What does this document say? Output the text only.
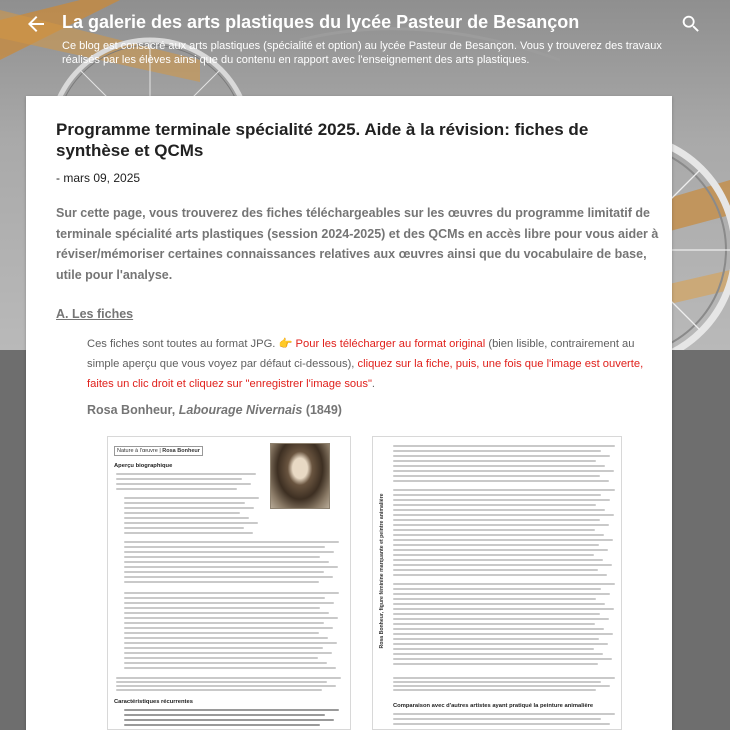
La galerie des arts plastiques du lycée Pasteur de Besançon
Ce blog est consacré aux arts plastiques (spécialité et option) au lycée Pasteur de Besançon. Vous y trouverez des travaux réalisés par les élèves ainsi que du contenu en rapport avec l'enseignement des arts plastiques.
Programme terminale spécialité 2025. Aide à la révision: fiches de synthèse et QCMs
- mars 09, 2025

Sur cette page, vous trouverez des fiches téléchargeables sur les œuvres du programme limitatif de terminale spécialité arts plastiques (session 2024-2025) et des QCMs en accès libre pour vous aider à réviser/mémoriser certaines connaissances relatives aux œuvres ainsi que du vocabulaire de base, utile pour l'analyse.

A. Les fiches

Ces fiches sont toutes au format JPG. 👉 Pour les télécharger au format original (bien lisible, contrairement au simple aperçu que vous voyez par défaut ci-dessous), cliquez sur la fiche, puis, une fois que l'image est ouverte, faites un clic droit et cliquez sur "enregistrer l'image sous".

Rosa Bonheur, Labourage Nivernais (1849)
Nature à l'œuvre | Rosa Bonheur
Aperçu biographique
Caractéristiques récurrentes
Rosa Bonheur, figure féminine marquante et peintre animalière
Comparaison avec d'autres artistes ayant pratiqué la peinture animalière
